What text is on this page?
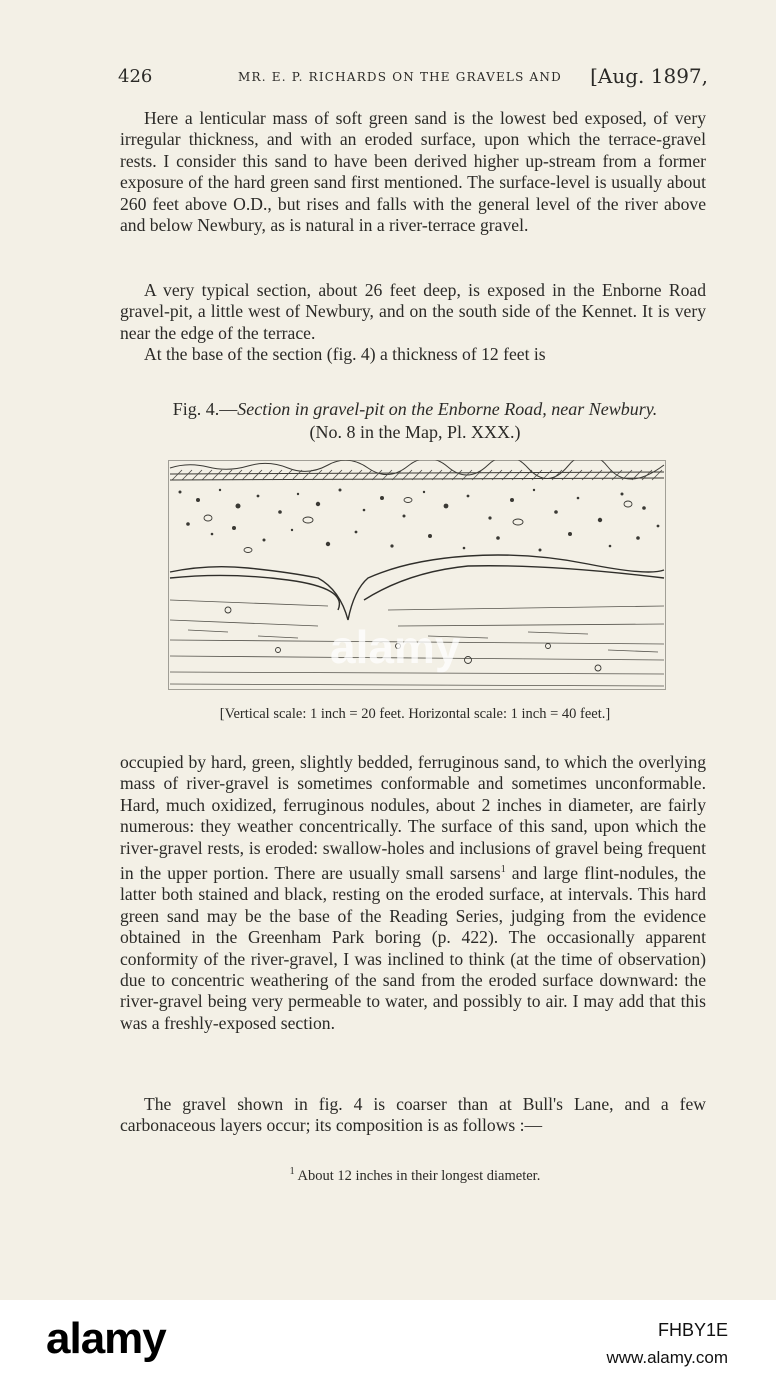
426	MR. E. P. RICHARDS ON THE GRAVELS AND [Aug. 1897,

Here a lenticular mass of soft green sand is the lowest bed exposed, of very irregular thickness, and with an eroded surface, upon which the terrace-gravel rests. I consider this sand to have been derived higher up-stream from a former exposure of the hard green sand first mentioned. The surface-level is usually about 260 feet above O.D., but rises and falls with the general level of the river above and below Newbury, as is natural in a river-terrace gravel.

A very typical section, about 26 feet deep, is exposed in the Enborne Road gravel-pit, a little west of Newbury, and on the south side of the Kennet. It is very near the edge of the terrace.

At the base of the section (fig. 4) a thickness of 12 feet is

Fig. 4.—Section in gravel-pit on the Enborne Road, near Newbury.
(No. 8 in the Map, Pl. XXX.)
[Vertical scale: 1 inch = 20 feet. Horizontal scale: 1 inch = 40 feet.]

occupied by hard, green, slightly bedded, ferruginous sand, to which the overlying mass of river-gravel is sometimes conformable and sometimes unconformable. Hard, much oxidized, ferruginous nodules, about 2 inches in diameter, are fairly numerous: they weather concentrically. The surface of this sand, upon which the river-gravel rests, is eroded: swallow-holes and inclusions of gravel being frequent in the upper portion. There are usually small sarsens$^1$ and large flint-nodules, the latter both stained and black, resting on the eroded surface, at intervals. This hard green sand may be the base of the Reading Series, judging from the evidence obtained in the Greenham Park boring (p. 422). The occasionally apparent conformity of the river-gravel, I was inclined to think (at the time of observation) due to concentric weathering of the sand from the eroded surface downward: the river-gravel being very permeable to water, and possibly to air. I may add that this was a freshly-exposed section.

The gravel shown in fig. 4 is coarser than at Bull's Lane, and a few carbonaceous layers occur; its composition is as follows :—

$^1$ About 12 inches in their longest diameter.
alamy
alamy	FHBY1E
www.alamy.com
